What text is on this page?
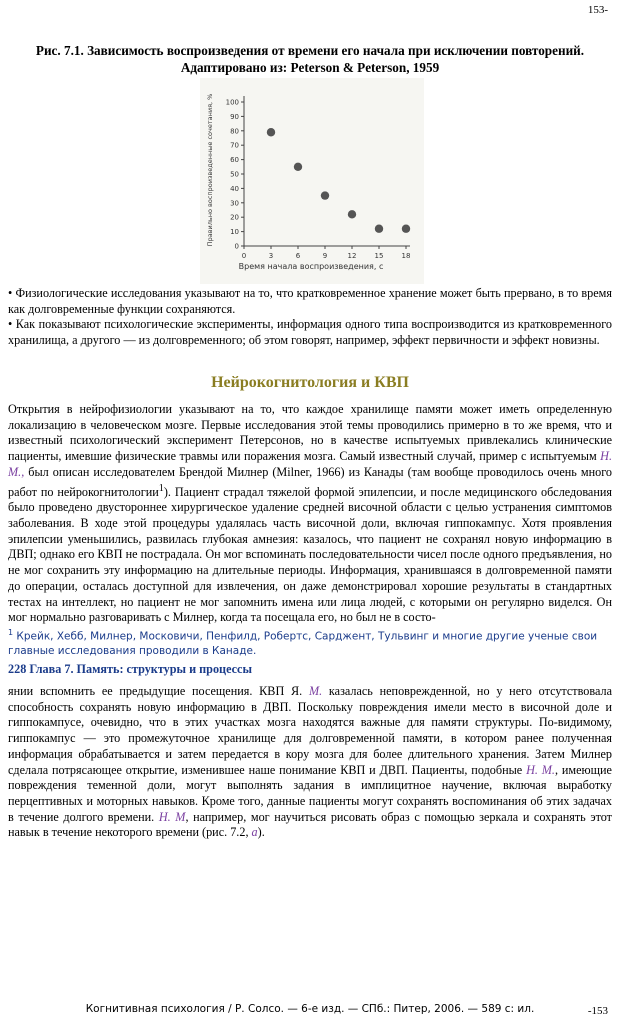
153-
Рис. 7.1. Зависимость воспроизведения от времени его начала при исключении повторений.
Адаптировано из: Peterson & Peterson, 1959
0
10
20
30
40
50
60
70
80
90
100
0	3	6	9	12	15	18
Время начала воспроизведения, с
Правильно воспроизведенные сочетания, %

• Физиологические исследования указывают на то, что кратковременное хранение может быть прервано, в то время как долговременные функции сохраняются.

• Как показывают психологические эксперименты, информация одного типа воспроизводится из кратковременного хранилища, а другого — из долговременного; об этом говорят, например, эффект первичности и эффект новизны.

Нейрокогнитология и КВП

Открытия в нейрофизиологии указывают на то, что каждое хранилище памяти может иметь определенную локализацию в человеческом мозге. Первые исследования этой темы проводились примерно в то же время, что и известный психологический эксперимент Петерсонов, но в качестве испытуемых привлекались клинические пациенты, имевшие физические травмы или поражения мозга. Самый известный случай, пример с испытуемым Н. М., был описан исследователем Брендой Милнер (Milner, 1966) из Канады (там вообще проводилось очень много работ по нейрокогнитологии$^1$). Пациент страдал тяжелой формой эпилепсии, и после медицинского обследования было проведено двустороннее хирургическое удаление средней височной области с целью устранения симптомов заболевания. В ходе этой процедуры удалялась часть височной доли, включая гиппокампус. Хотя проявления эпилепсии уменьшились, развилась глубокая амнезия: казалось, что пациент не сохранял новую информацию в ДВП; однако его КВП не пострадала. Он мог вспоминать последовательности чисел после одного предъявления, но не мог сохранить эту информацию на длительные периоды. Информация, хранившаяся в долговременной памяти до операции, осталась доступной для извлечения, он даже демонстрировал хорошие результаты в стандартных тестах на интеллект, но пациент не мог запомнить имена или лица людей, с которыми он регулярно виделся. Он мог нормально разговаривать с Милнер, когда та посещала его, но был не в состо-

$^1$ Крейк, Хебб, Милнер, Московичи, Пенфилд, Робертс, Сарджент, Тульвинг и многие другие ученые свои главные исследования проводили в Канаде.
228 Глава 7. Память: структуры и процессы

янии вспомнить ее предыдущие посещения. КВП Я. М. казалась неповрежденной, но у него отсутствовала способность сохранять новую информацию в ДВП. Поскольку повреждения имели место в височной доле и гиппокампусе, очевидно, что в этих участках мозга находятся важные для памяти структуры. По-видимому, гиппокампус — это промежуточное хранилище для долговременной памяти, в котором ранее полученная информация обрабатывается и затем передается в кору мозга для более длительного хранения. Затем Милнер сделала потрясающее открытие, изменившее наше понимание КВП и ДВП. Пациенты, подобные Н. М., имеющие повреждения теменной доли, могут выполнять задания в имплицитное научение, включая выработку перцептивных и моторных навыков. Кроме того, данные пациенты могут сохранять воспоминания об этих задачах в течение долгого времени. Н. М, например, мог научиться рисовать образ с помощью зеркала и сохранять этот навык в течение некоторого времени (рис. 7.2, а).

Когнитивная психология / Р. Солсо. — 6-е изд. — СПб.: Питер, 2006. — 589 с: ил.	-153
